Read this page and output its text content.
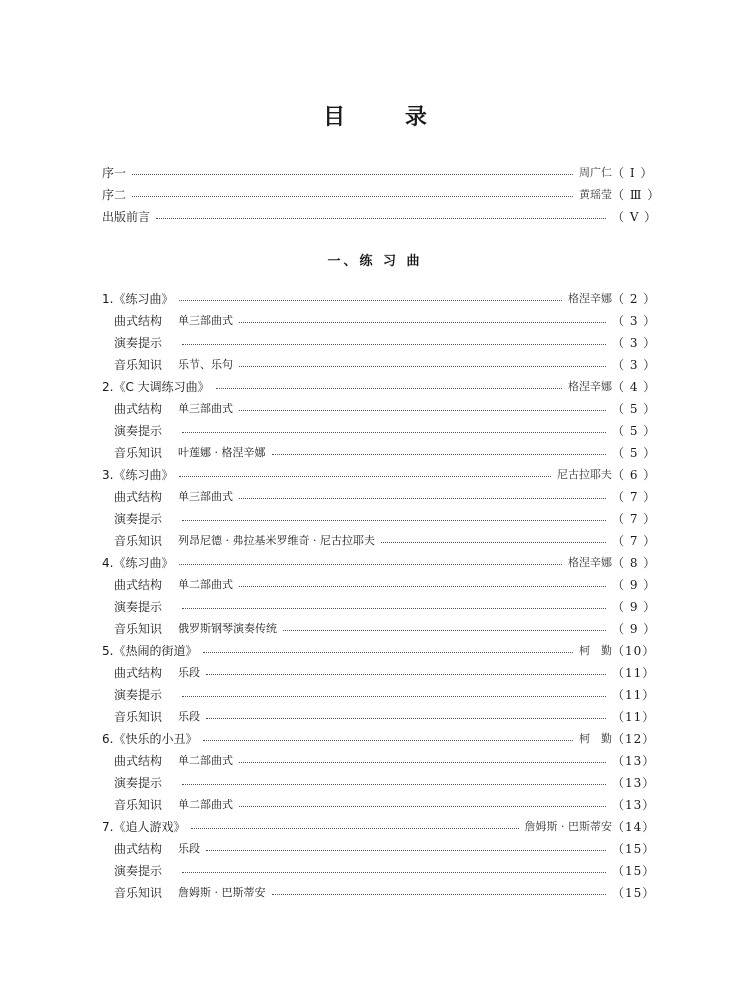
目 录
序一	周广仁 （ Ⅰ ）
序二	黄瑶莹 （ Ⅲ ）
出版前言	（ Ⅴ ）
一、练 习 曲
1.《练习曲》	格涅辛娜 （ 2 ）
曲式结构	单三部曲式	（ 3 ）
演奏提示	（ 3 ）
音乐知识	乐节、乐句	（ 3 ）
2.《C 大调练习曲》	格涅辛娜 （ 4 ）
曲式结构	单三部曲式	（ 5 ）
演奏提示	（ 5 ）
音乐知识	叶莲娜 · 格涅辛娜	（ 5 ）
3.《练习曲》	尼古拉耶夫 （ 6 ）
曲式结构	单三部曲式	（ 7 ）
演奏提示	（ 7 ）
音乐知识	列昂尼德 · 弗拉基米罗维奇 · 尼古拉耶夫	（ 7 ）
4.《练习曲》	格涅辛娜 （ 8 ）
曲式结构	单二部曲式	（ 9 ）
演奏提示	（ 9 ）
音乐知识	俄罗斯钢琴演奏传统	（ 9 ）
5.《热闹的街道》	柯　勤 （10）
曲式结构	乐段	（11）
演奏提示	（11）
音乐知识	乐段	（11）
6.《快乐的小丑》	柯　勤 （12）
曲式结构	单二部曲式	（13）
演奏提示	（13）
音乐知识	单二部曲式	（13）
7.《追人游戏》	詹姆斯 · 巴斯蒂安 （14）
曲式结构	乐段	（15）
演奏提示	（15）
音乐知识	詹姆斯 · 巴斯蒂安	（15）
